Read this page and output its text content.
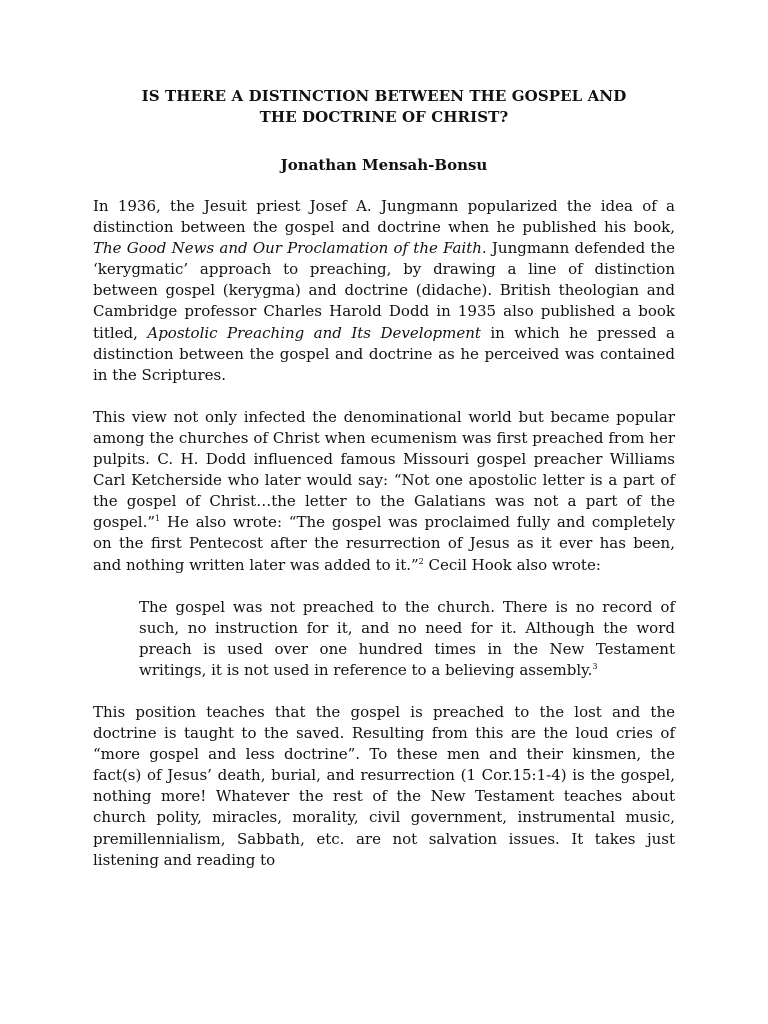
IS THERE A DISTINCTION BETWEEN THE GOSPEL AND
THE DOCTRINE OF CHRIST?
Jonathan Mensah-Bonsu

In 1936, the Jesuit priest Josef A. Jungmann popularized the idea of a distinction between the gospel and doctrine when he published his book, The Good News and Our Proclamation of the Faith. Jungmann defended the ‘kerygmatic’ approach to preaching, by drawing a line of distinction between gospel (kerygma) and doctrine (didache). British theologian and Cambridge professor Charles Harold Dodd in 1935 also published a book titled, Apostolic Preaching and Its Development in which he pressed a distinction between the gospel and doctrine as he perceived was contained in the Scriptures.

This view not only infected the denominational world but became popular among the churches of Christ when ecumenism was first preached from her pulpits. C. H. Dodd influenced famous Missouri gospel preacher Williams Carl Ketcherside who later would say: “Not one apostolic letter is a part of the gospel of Christ…the letter to the Galatians was not a part of the gospel.”$^1$ He also wrote: “The gospel was proclaimed fully and completely on the first Pentecost after the resurrection of Jesus as it ever has been, and nothing written later was added to it.”$^2$ Cecil Hook also wrote:

The gospel was not preached to the church. There is no record of such, no instruction for it, and no need for it. Although the word preach is used over one hundred times in the New Testament writings, it is not used in reference to a believing assembly.$^3$

This position teaches that the gospel is preached to the lost and the doctrine is taught to the saved. Resulting from this are the loud cries of “more gospel and less doctrine”. To these men and their kinsmen, the fact(s) of Jesus’ death, burial, and resurrection (1 Cor.15:1-4) is the gospel, nothing more! Whatever the rest of the New Testament teaches about church polity, miracles, morality, civil government, instrumental music, premillennialism, Sabbath, etc. are not salvation issues. It takes just listening and reading to
